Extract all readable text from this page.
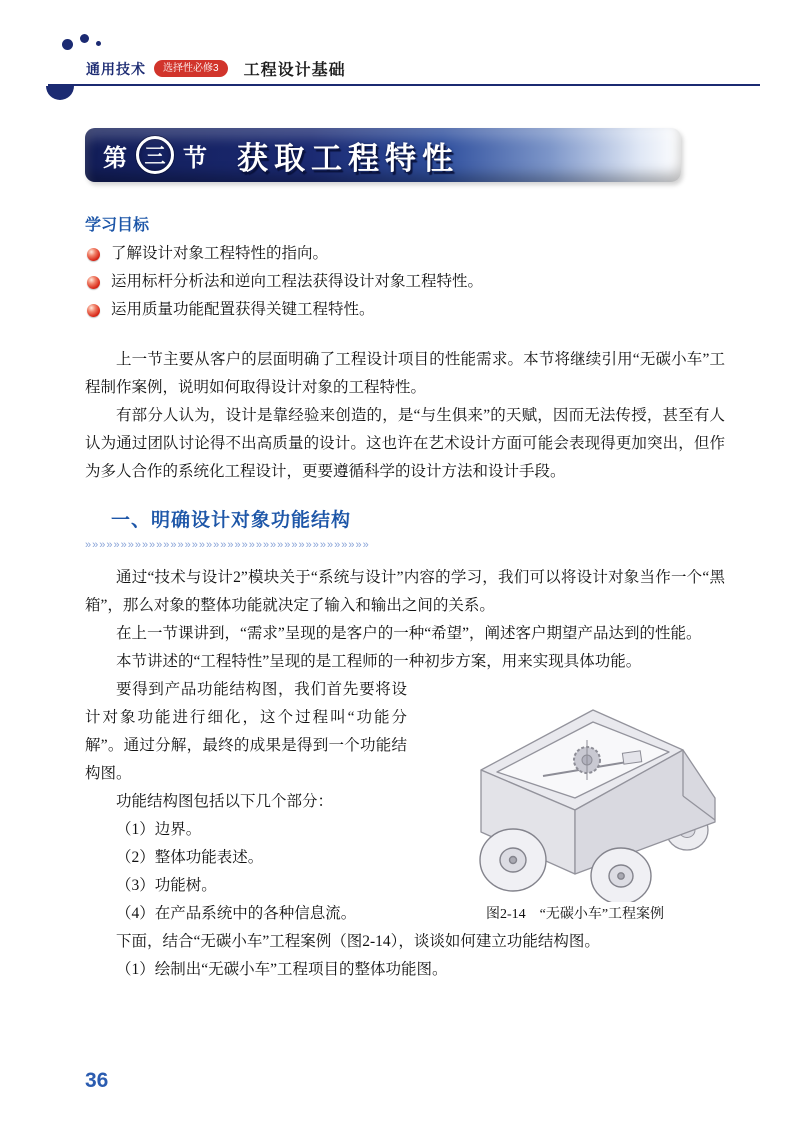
通用技术	选择性必修3	工程设计基础
第 三 节 获取工程特性
学习目标
了解设计对象工程特性的指向。
运用标杆分析法和逆向工程法获得设计对象工程特性。
运用质量功能配置获得关键工程特性。

上一节主要从客户的层面明确了工程设计项目的性能需求。本节将继续引用“无碳小车”工程制作案例，说明如何取得设计对象的工程特性。

有部分人认为，设计是靠经验来创造的，是“与生俱来”的天赋，因而无法传授，甚至有人认为通过团队讨论得不出高质量的设计。这也许在艺术设计方面可能会表现得更加突出，但作为多人合作的系统化工程设计，更要遵循科学的设计方法和设计手段。

一、明确设计对象功能结构
»»»»»»»»»»»»»»»»»»»»»»»»»»»»»»»»»»»»»»»»

通过“技术与设计2”模块关于“系统与设计”内容的学习，我们可以将设计对象当作一个“黑箱”，那么对象的整体功能就决定了输入和输出之间的关系。

在上一节课讲到，“需求”呈现的是客户的一种“希望”，阐述客户期望产品达到的性能。

本节讲述的“工程特性”呈现的是工程师的一种初步方案，用来实现具体功能。

图2-14　“无碳小车”工程案例

要得到产品功能结构图，我们首先要将设计对象功能进行细化，这个过程叫“功能分解”。通过分解，最终的成果是得到一个功能结构图。

功能结构图包括以下几个部分：

（1）边界。

（2）整体功能表述。

（3）功能树。

（4）在产品系统中的各种信息流。

下面，结合“无碳小车”工程案例（图2-14），谈谈如何建立功能结构图。

（1）绘制出“无碳小车”工程项目的整体功能图。

36
